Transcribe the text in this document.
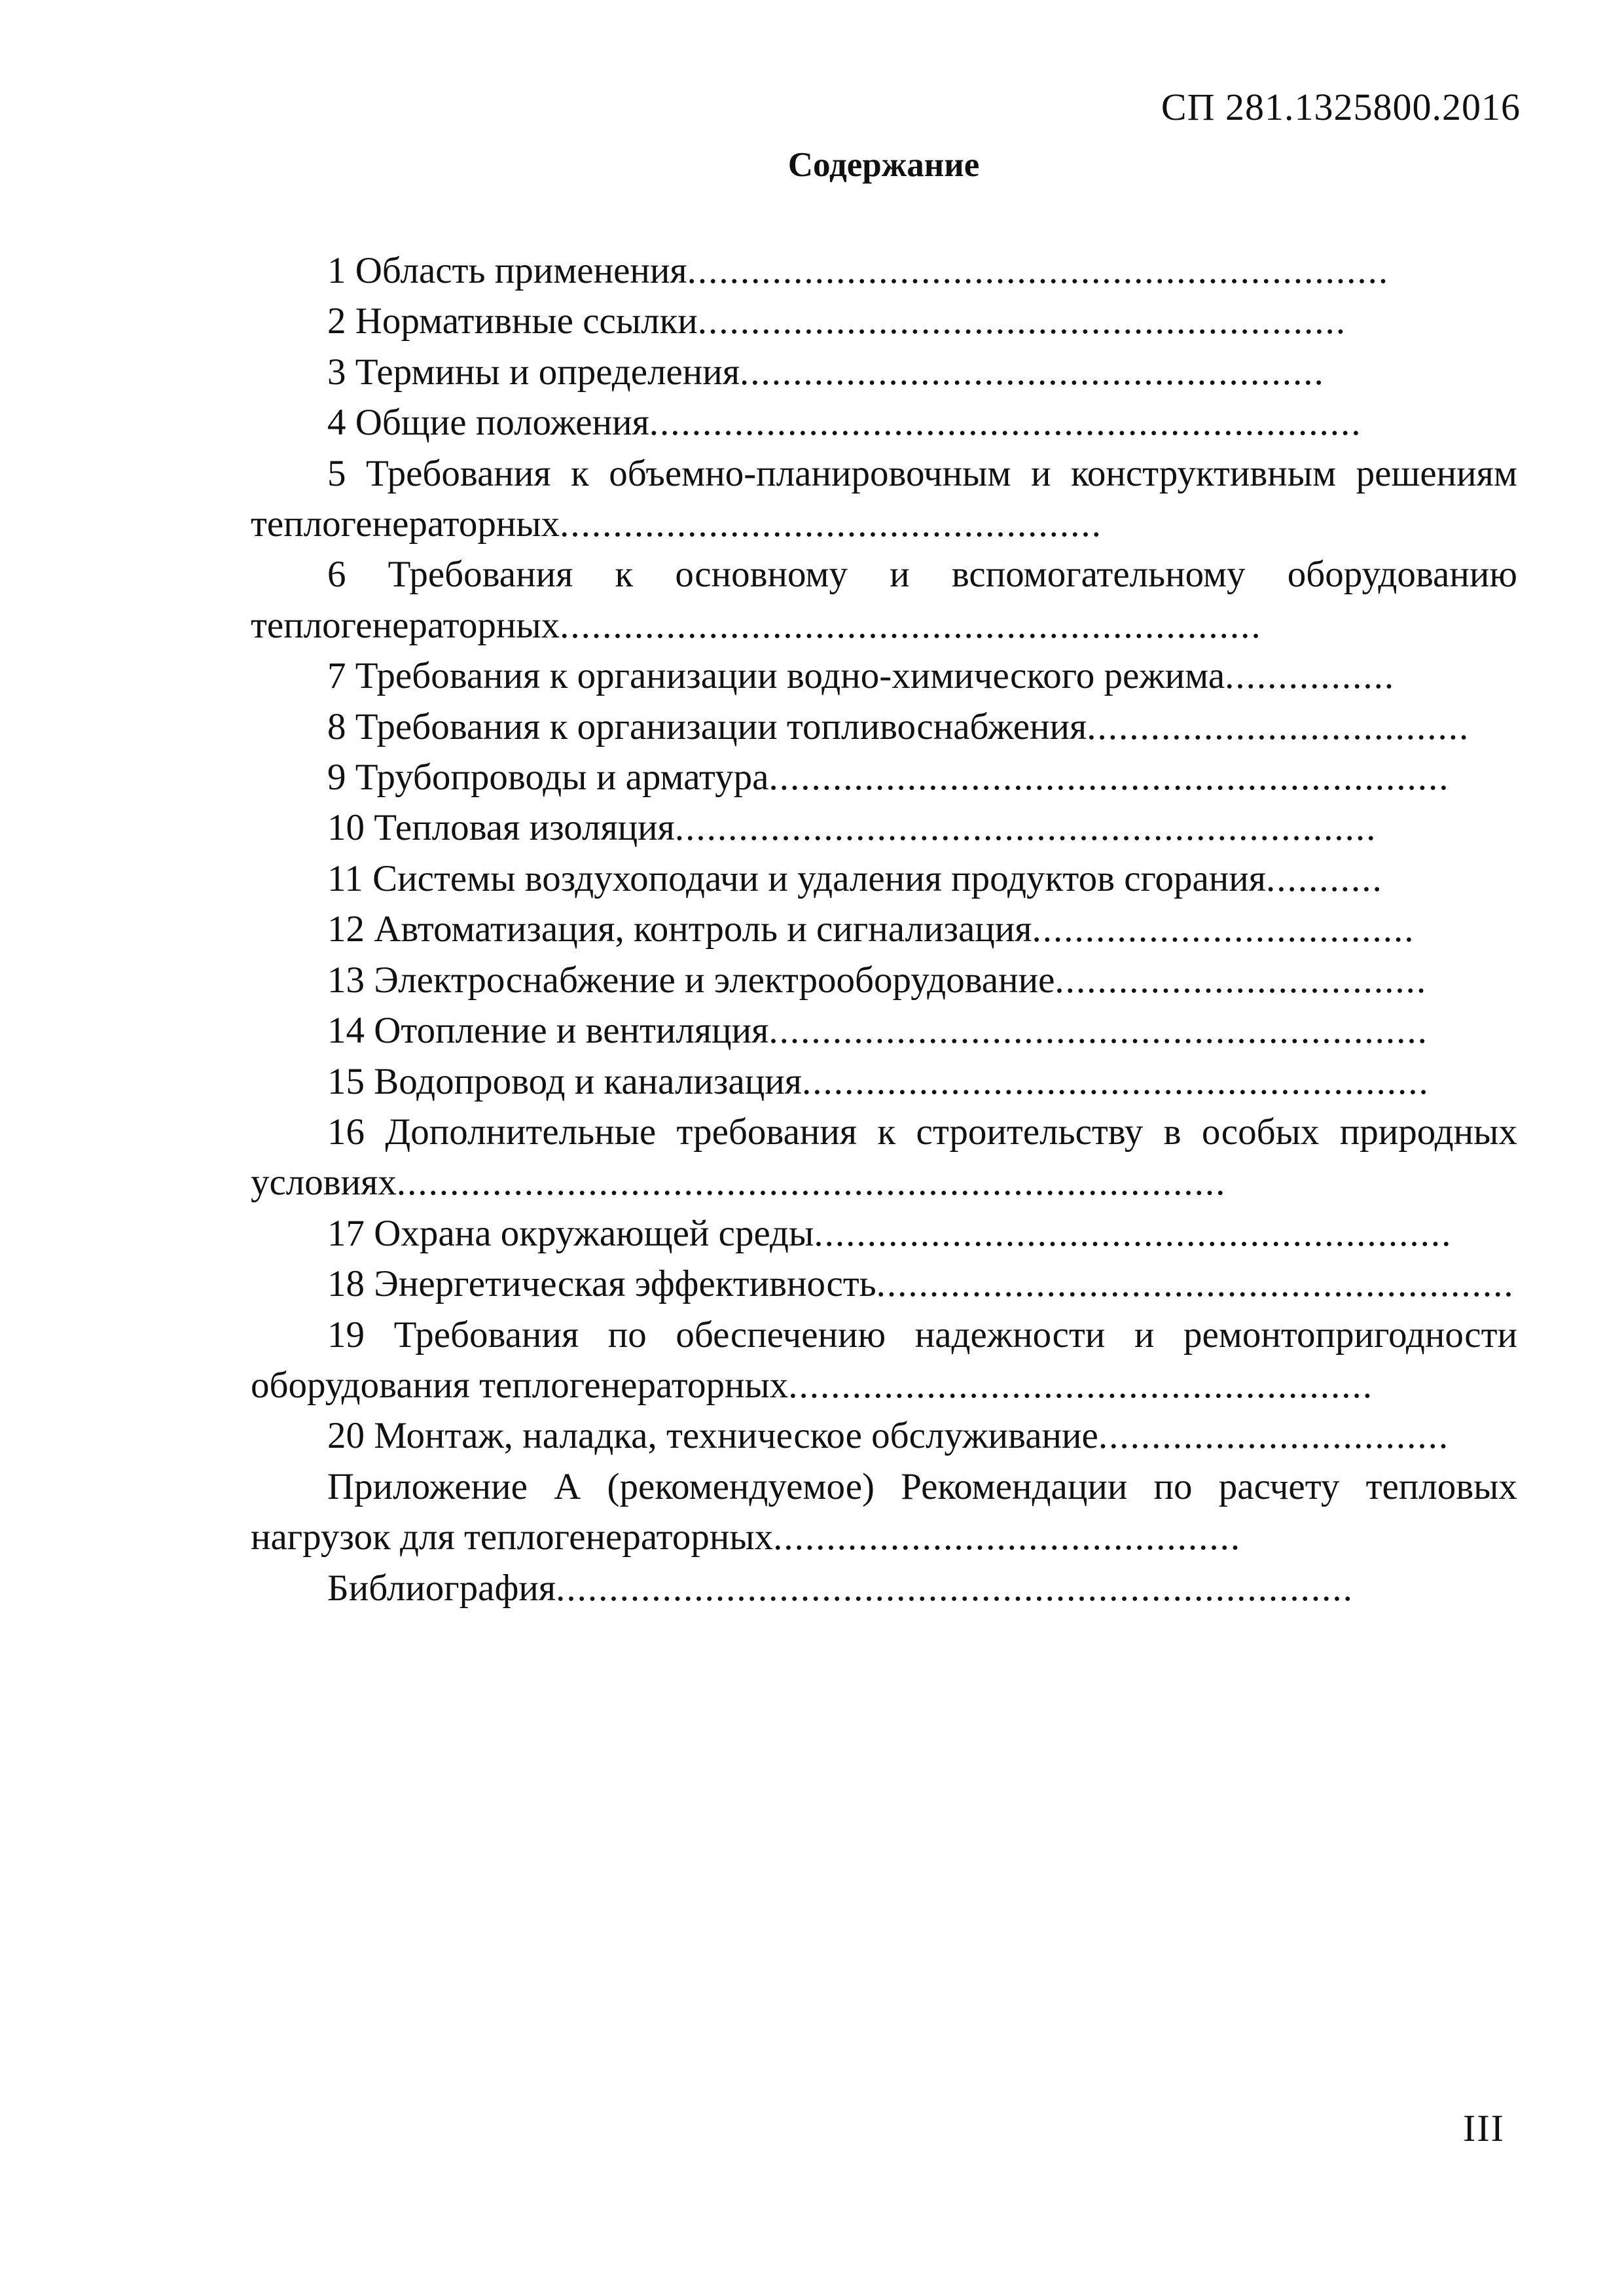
СП 281.1325800.2016
Содержание
1 Область применения..................................................................
2 Нормативные ссылки.............................................................
3 Термины и определения.......................................................
4 Общие положения...................................................................
5 Требования к объемно-планировочным и конструктивным решениям
теплогенераторных...................................................
6 Требования к основному и вспомогательному оборудованию
теплогенераторных..................................................................
7 Требования к организации водно-химического режима................
8 Требования к организации топливоснабжения....................................
9 Трубопроводы и арматура................................................................
10 Тепловая изоляция..................................................................
11 Системы воздухоподачи и удаления продуктов сгорания...........
12 Автоматизация, контроль и сигнализация....................................
13 Электроснабжение и электрооборудование...................................
14 Отопление и вентиляция..............................................................
15 Водопровод и канализация...........................................................
16 Дополнительные требования к строительству в особых природных
условиях..............................................................................
17 Охрана окружающей среды............................................................
18 Энергетическая эффективность............................................................
19 Требования по обеспечению надежности и ремонтопригодности
оборудования теплогенераторных.......................................................
20 Монтаж, наладка, техническое обслуживание.................................
Приложение А (рекомендуемое) Рекомендации по расчету тепловых
нагрузок для теплогенераторных............................................
Библиография...........................................................................
III
